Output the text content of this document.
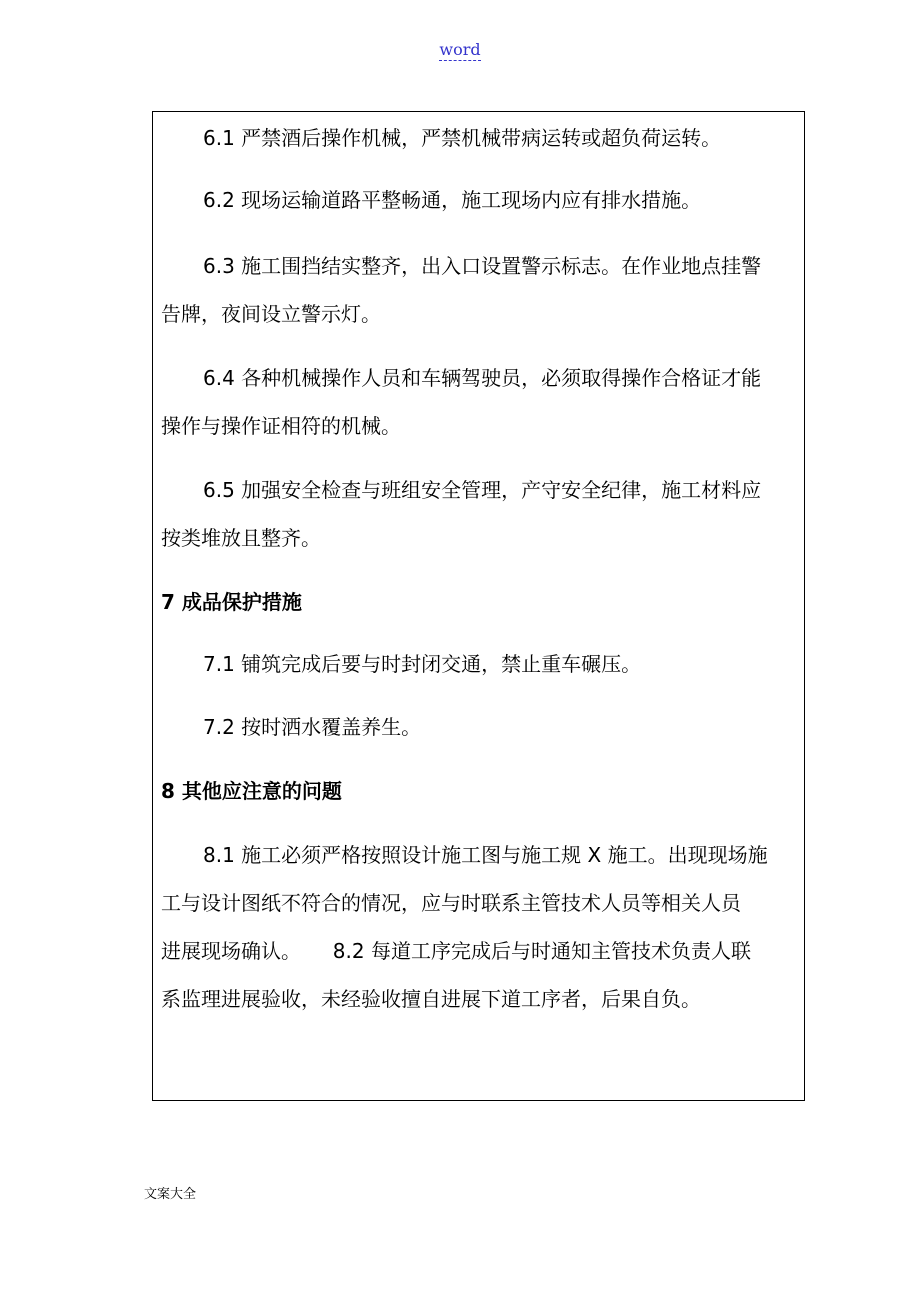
word
6.1 严禁酒后操作机械，严禁机械带病运转或超负荷运转。
6.2 现场运输道路平整畅通，施工现场内应有排水措施。
6.3 施工围挡结实整齐，出入口设置警示标志。在作业地点挂警
告牌，夜间设立警示灯。
6.4 各种机械操作人员和车辆驾驶员，必须取得操作合格证才能
操作与操作证相符的机械。
6.5 加强安全检查与班组安全管理，产守安全纪律，施工材料应
按类堆放且整齐。
7 成品保护措施
7.1 铺筑完成后要与时封闭交通，禁止重车碾压。
7.2 按时洒水覆盖养生。
8 其他应注意的问题
8.1 施工必须严格按照设计施工图与施工规 X 施工。出现现场施
工与设计图纸不符合的情况，应与时联系主管技术人员等相关人员
进展现场确认。     8.2 每道工序完成后与时通知主管技术负责人联
系监理进展验收，未经验收擅自进展下道工序者，后果自负。
文案大全
